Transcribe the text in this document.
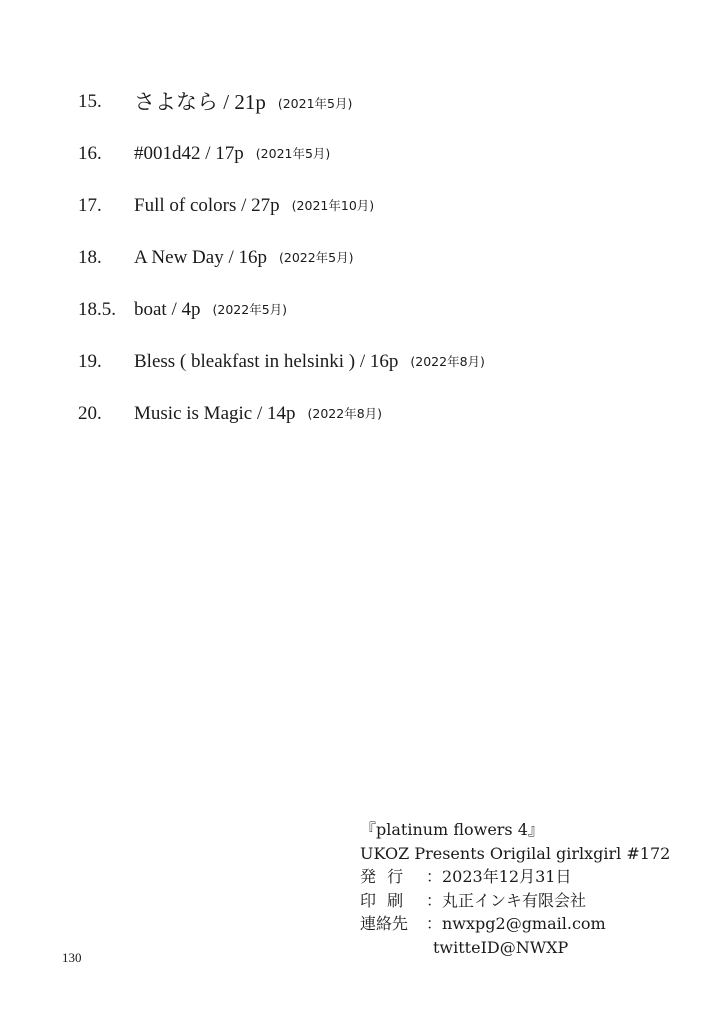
15. さよなら / 21p (2021年5月)
16. #001d42 / 17p (2021年5月)
17. Full of colors / 27p (2021年10月)
18. A New Day / 16p (2022年5月)
18.5. boat / 4p (2022年5月)
19. Bless ( bleakfast in helsinki ) / 16p (2022年8月)
20. Music is Magic / 14p (2022年8月)
『platinum flowers 4』
UKOZ Presents Origilal girlxgirl #172
発 行 ：2023年12月31日
印 刷 ：丸正インキ有限会社
連絡先 ：nwxpg2@gmail.com
twitteID@NWXP
130
